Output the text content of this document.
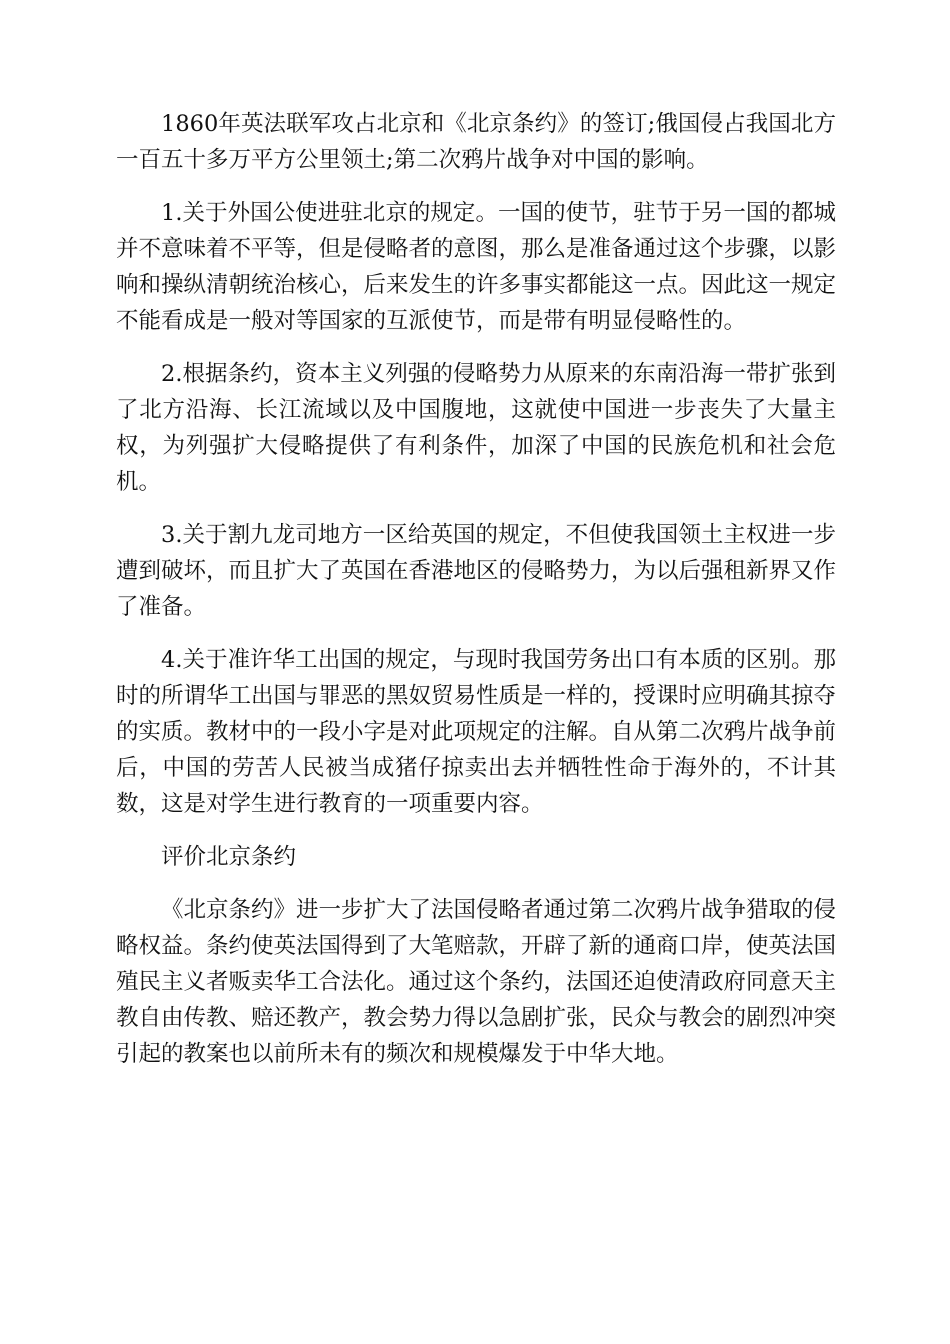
1860年英法联军攻占北京和《北京条约》的签订;俄国侵占我国北方一百五十多万平方公里领土;第二次鸦片战争对中国的影响。

1.关于外国公使进驻北京的规定。一国的使节，驻节于另一国的都城并不意味着不平等，但是侵略者的意图，那么是准备通过这个步骤，以影响和操纵清朝统治核心，后来发生的许多事实都能这一点。因此这一规定不能看成是一般对等国家的互派使节，而是带有明显侵略性的。

2.根据条约，资本主义列强的侵略势力从原来的东南沿海一带扩张到了北方沿海、长江流域以及中国腹地，这就使中国进一步丧失了大量主权，为列强扩大侵略提供了有利条件，加深了中国的民族危机和社会危机。

3.关于割九龙司地方一区给英国的规定，不但使我国领土主权进一步遭到破坏，而且扩大了英国在香港地区的侵略势力，为以后强租新界又作了准备。

4.关于准许华工出国的规定，与现时我国劳务出口有本质的区别。那时的所谓华工出国与罪恶的黑奴贸易性质是一样的，授课时应明确其掠夺的实质。教材中的一段小字是对此项规定的注解。自从第二次鸦片战争前后，中国的劳苦人民被当成猪仔掠卖出去并牺牲性命于海外的，不计其数，这是对学生进行教育的一项重要内容。

评价北京条约

《北京条约》进一步扩大了法国侵略者通过第二次鸦片战争猎取的侵略权益。条约使英法国得到了大笔赔款，开辟了新的通商口岸，使英法国殖民主义者贩卖华工合法化。通过这个条约，法国还迫使清政府同意天主教自由传教、赔还教产，教会势力得以急剧扩张，民众与教会的剧烈冲突引起的教案也以前所未有的频次和规模爆发于中华大地。
